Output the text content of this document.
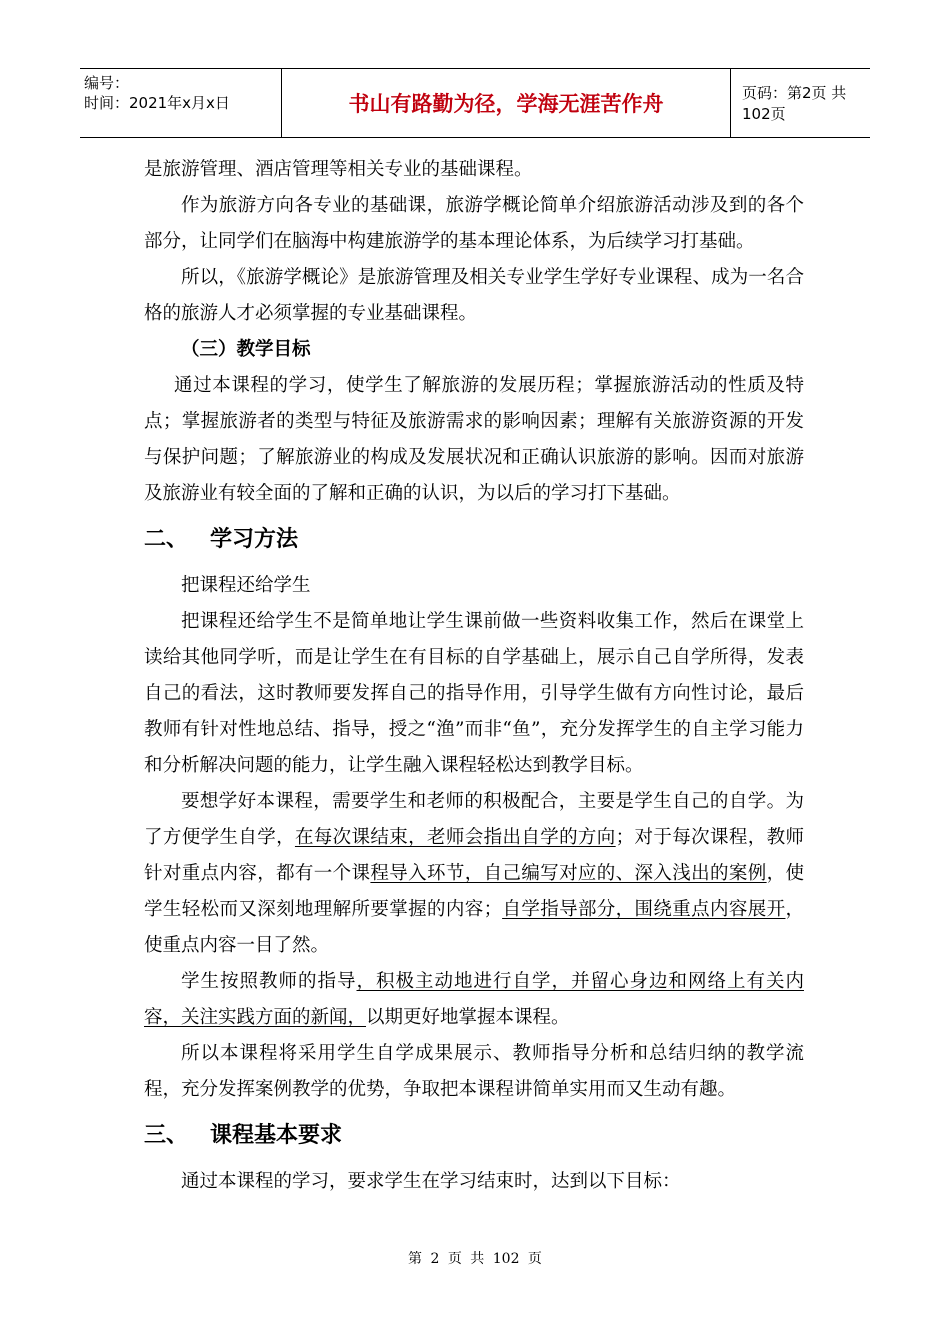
编号：
时间：2021年x月x日	书山有路勤为径，学海无涯苦作舟	页码：第2页 共102页

是旅游管理、酒店管理等相关专业的基础课程。

作为旅游方向各专业的基础课，旅游学概论简单介绍旅游活动涉及到的各个部分，让同学们在脑海中构建旅游学的基本理论体系，为后续学习打基础。

所以，《旅游学概论》是旅游管理及相关专业学生学好专业课程、成为一名合格的旅游人才必须掌握的专业基础课程。

（三）教学目标

通过本课程的学习，使学生了解旅游的发展历程；掌握旅游活动的性质及特点；掌握旅游者的类型与特征及旅游需求的影响因素；理解有关旅游资源的开发与保护问题；了解旅游业的构成及发展状况和正确认识旅游的影响。因而对旅游及旅游业有较全面的了解和正确的认识，为以后的学习打下基础。

二、 学习方法

把课程还给学生

把课程还给学生不是简单地让学生课前做一些资料收集工作，然后在课堂上读给其他同学听，而是让学生在有目标的自学基础上，展示自己自学所得，发表自己的看法，这时教师要发挥自己的指导作用，引导学生做有方向性讨论，最后教师有针对性地总结、指导，授之“渔”而非“鱼”，充分发挥学生的自主学习能力和分析解决问题的能力，让学生融入课程轻松达到教学目标。

要想学好本课程，需要学生和老师的积极配合，主要是学生自己的自学。为了方便学生自学，在每次课结束，老师会指出自学的方向；对于每次课程，教师针对重点内容，都有一个课程导入环节，自己编写对应的、深入浅出的案例，使学生轻松而又深刻地理解所要掌握的内容；自学指导部分，围绕重点内容展开，使重点内容一目了然。

学生按照教师的指导，积极主动地进行自学，并留心身边和网络上有关内容，关注实践方面的新闻，以期更好地掌握本课程。

所以本课程将采用学生自学成果展示、教师指导分析和总结归纳的教学流程，充分发挥案例教学的优势，争取把本课程讲简单实用而又生动有趣。

三、 课程基本要求

通过本课程的学习，要求学生在学习结束时，达到以下目标：

第 2 页 共 102 页
